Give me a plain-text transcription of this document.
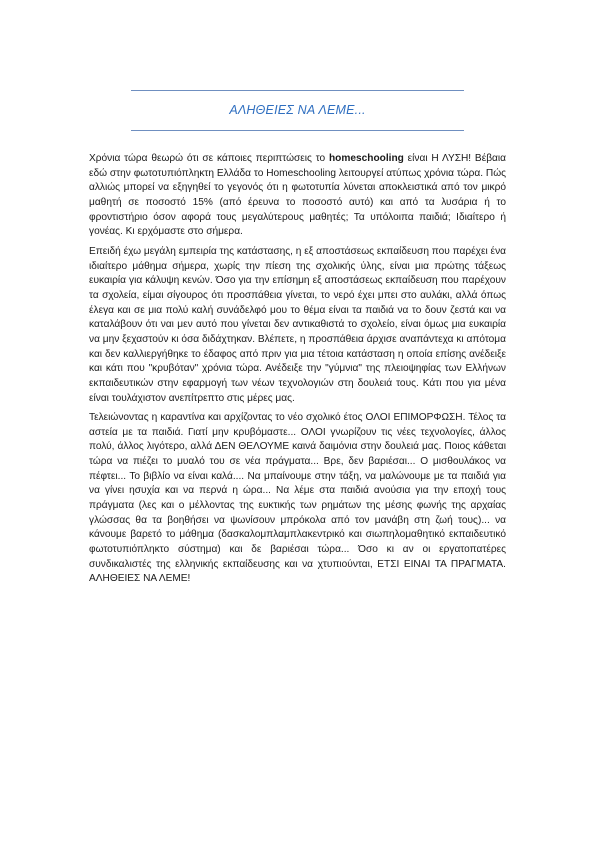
ΑΛΗΘΕΙΕΣ ΝΑ ΛΕΜΕ...

Χρόνια τώρα θεωρώ ότι σε κάποιες περιπτώσεις το homeschooling είναι Η ΛΥΣΗ! Βέβαια εδώ στην φωτοτυπιόπληκτη Ελλάδα το Homeschooling λειτουργεί ατύπως χρόνια τώρα. Πώς αλλιώς μπορεί να εξηγηθεί το γεγονός ότι η φωτοτυπία λύνεται αποκλειστικά από τον μικρό μαθητή σε ποσοστό 15% (από έρευνα το ποσοστό αυτό) και από τα λυσάρια ή το φροντιστήριο όσον αφορά τους μεγαλύτερους μαθητές; Τα υπόλοιπα παιδιά; Ιδιαίτερο ή γονέας. Κι ερχόμαστε στο σήμερα.

Επειδή έχω μεγάλη εμπειρία της κατάστασης, η εξ αποστάσεως εκπαίδευση που παρέχει ένα ιδιαίτερο μάθημα σήμερα, χωρίς την πίεση της σχολικής ύλης, είναι μια πρώτης τάξεως ευκαιρία για κάλυψη κενών. Όσο για την επίσημη εξ αποστάσεως εκπαίδευση που παρέχουν τα σχολεία, είμαι σίγουρος ότι προσπάθεια γίνεται, το νερό έχει μπει στο αυλάκι, αλλά όπως έλεγα και σε μια πολύ καλή συνάδελφό μου το θέμα είναι τα παιδιά να το δουν ζεστά και να καταλάβουν ότι ναι μεν αυτό που γίνεται δεν αντικαθιστά το σχολείο, είναι όμως μια ευκαιρία να μην ξεχαστούν κι όσα διδάχτηκαν. Βλέπετε, η προσπάθεια άρχισε αναπάντεχα κι απότομα και δεν καλλιεργήθηκε το έδαφος από πριν για μια τέτοια κατάσταση η οποία επίσης ανέδειξε και κάτι που "κρυβόταν" χρόνια τώρα. Ανέδειξε την "γύμνια" της πλειοψηφίας των Ελλήνων εκπαιδευτικών στην εφαρμογή των νέων τεχνολογιών στη δουλειά τους. Κάτι που για μένα είναι τουλάχιστον ανεπίτρεπτο στις μέρες μας.

Τελειώνοντας η καραντίνα και αρχίζοντας το νέο σχολικό έτος ΟΛΟΙ ΕΠΙΜΟΡΦΩΣΗ. Τέλος τα αστεία με τα παιδιά. Γιατί μην κρυβόμαστε... ΟΛΟΙ γνωρίζουν τις νέες τεχνολογίες, άλλος πολύ, άλλος λιγότερο, αλλά ΔΕΝ ΘΕΛΟΥΜΕ καινά δαιμόνια στην δουλειά μας. Ποιος κάθεται τώρα να πιέζει το μυαλό του σε νέα πράγματα... Βρε, δεν βαριέσαι... Ο μισθουλάκος να πέφτει... Το βιβλίο να είναι καλά.... Να μπαίνουμε στην τάξη, να μαλώνουμε με τα παιδιά για να γίνει ησυχία και να περνά η ώρα... Να λέμε στα παιδιά ανούσια για την εποχή τους πράγματα (λες και ο μέλλοντας της ευκτικής των ρημάτων της μέσης φωνής της αρχαίας γλώσσας θα τα βοηθήσει να ψωνίσουν μπρόκολα από τον μανάβη στη ζωή τους)... να κάνουμε βαρετό το μάθημα (δασκαλομπλαμπλακεντρικό και σιωπηλομαθητικό εκπαιδευτικό φωτοτυπιόπληκτο σύστημα) και δε βαριέσαι τώρα... Όσο κι αν οι εργατοπατέρες συνδικαλιστές της ελληνικής εκπαίδευσης και να χτυπιούνται, ΕΤΣΙ ΕΙΝΑΙ ΤΑ ΠΡΑΓΜΑΤΑ. ΑΛΗΘΕΙΕΣ ΝΑ ΛΕΜΕ!
